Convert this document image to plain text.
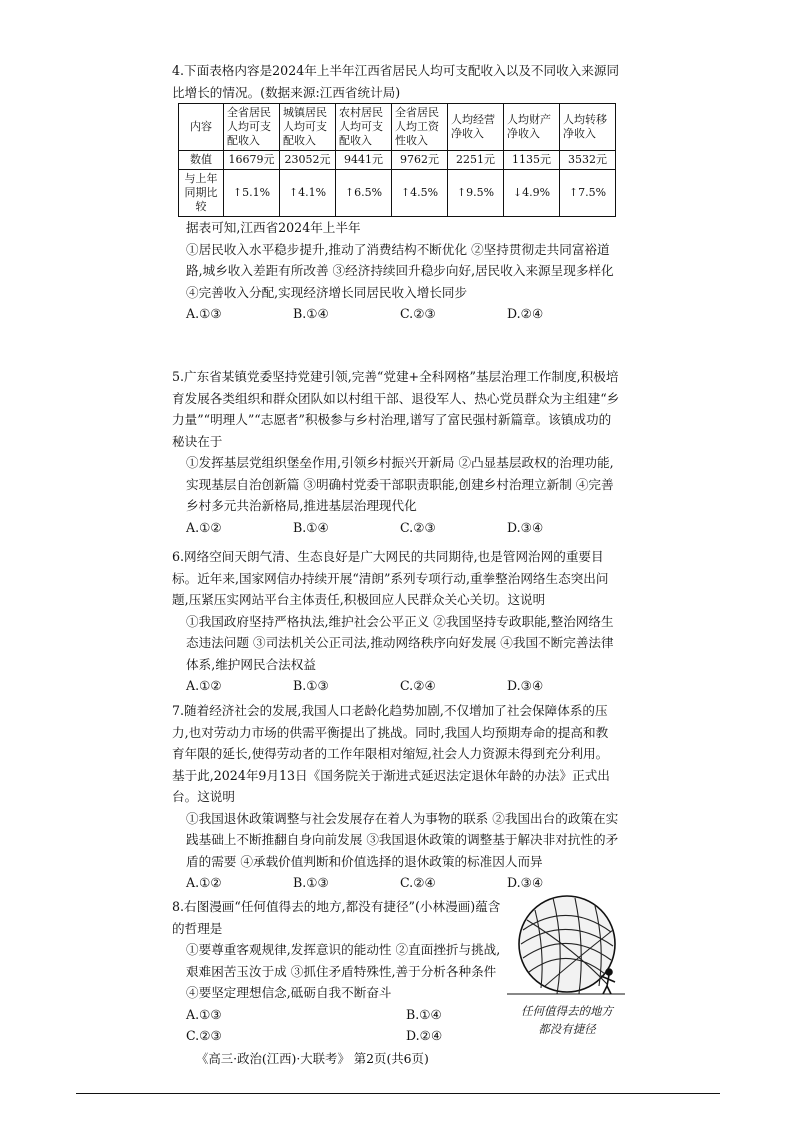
4.下面表格内容是2024年上半年江西省居民人均可支配收入以及不同收入来源同比增长的情况。(数据来源:江西省统计局)

内容	全省居民人均可支配收入	城镇居民人均可支配收入	农村居民人均可支配收入	全省居民人均工资性收入	人均经营净收入	人均财产净收入	人均转移净收入
数值	16679元	23052元	9441元	9762元	2251元	1135元	3532元
与上年同期比较	↑5.1%	↑4.1%	↑6.5%	↑4.5%	↑9.5%	↓4.9%	↑7.5%

据表可知,江西省2024年上半年

①居民收入水平稳步提升,推动了消费结构不断优化 ②坚持贯彻走共同富裕道路,城乡收入差距有所改善 ③经济持续回升稳步向好,居民收入来源呈现多样化 ④完善收入分配,实现经济增长同居民收入增长同步

A.①③	B.①④	C.②③	D.②④

5.广东省某镇党委坚持党建引领,完善“党建+全科网格”基层治理工作制度,积极培育发展各类组织和群众团队如以村组干部、退役军人、热心党员群众为主组建“乡力量”“明理人”“志愿者”积极参与乡村治理,谱写了富民强村新篇章。该镇成功的秘诀在于

①发挥基层党组织堡垒作用,引领乡村振兴开新局 ②凸显基层政权的治理功能,实现基层自治创新篇 ③明确村党委干部职责职能,创建乡村治理立新制 ④完善乡村多元共治新格局,推进基层治理现代化

A.①②	B.①④	C.②③	D.③④

6.网络空间天朗气清、生态良好是广大网民的共同期待,也是管网治网的重要目标。近年来,国家网信办持续开展“清朗”系列专项行动,重拳整治网络生态突出问题,压紧压实网站平台主体责任,积极回应人民群众关心关切。这说明

①我国政府坚持严格执法,维护社会公平正义 ②我国坚持专政职能,整治网络生态违法问题 ③司法机关公正司法,推动网络秩序向好发展 ④我国不断完善法律体系,维护网民合法权益

A.①②	B.①③	C.②④	D.③④

7.随着经济社会的发展,我国人口老龄化趋势加剧,不仅增加了社会保障体系的压力,也对劳动力市场的供需平衡提出了挑战。同时,我国人均预期寿命的提高和教育年限的延长,使得劳动者的工作年限相对缩短,社会人力资源未得到充分利用。基于此,2024年9月13日《国务院关于渐进式延迟法定退休年龄的办法》正式出台。这说明

①我国退休政策调整与社会发展存在着人为事物的联系 ②我国出台的政策在实践基础上不断推翻自身向前发展 ③我国退休政策的调整基于解决非对抗性的矛盾的需要 ④承载价值判断和价值选择的退休政策的标准因人而异

A.①②	B.①③	C.②④	D.③④

8.右图漫画“任何值得去的地方,都没有捷径”(小林漫画)蕴含的哲理是

①要尊重客观规律,发挥意识的能动性 ②直面挫折与挑战,艰难困苦玉汝于成 ③抓住矛盾特殊性,善于分析各种条件 ④要坚定理想信念,砥砺自我不断奋斗

A.①③	B.①④
C.②③	D.②④
任何值得去的地方
都没有捷径
《高三·政治(江西)·大联考》 第2页(共6页)
